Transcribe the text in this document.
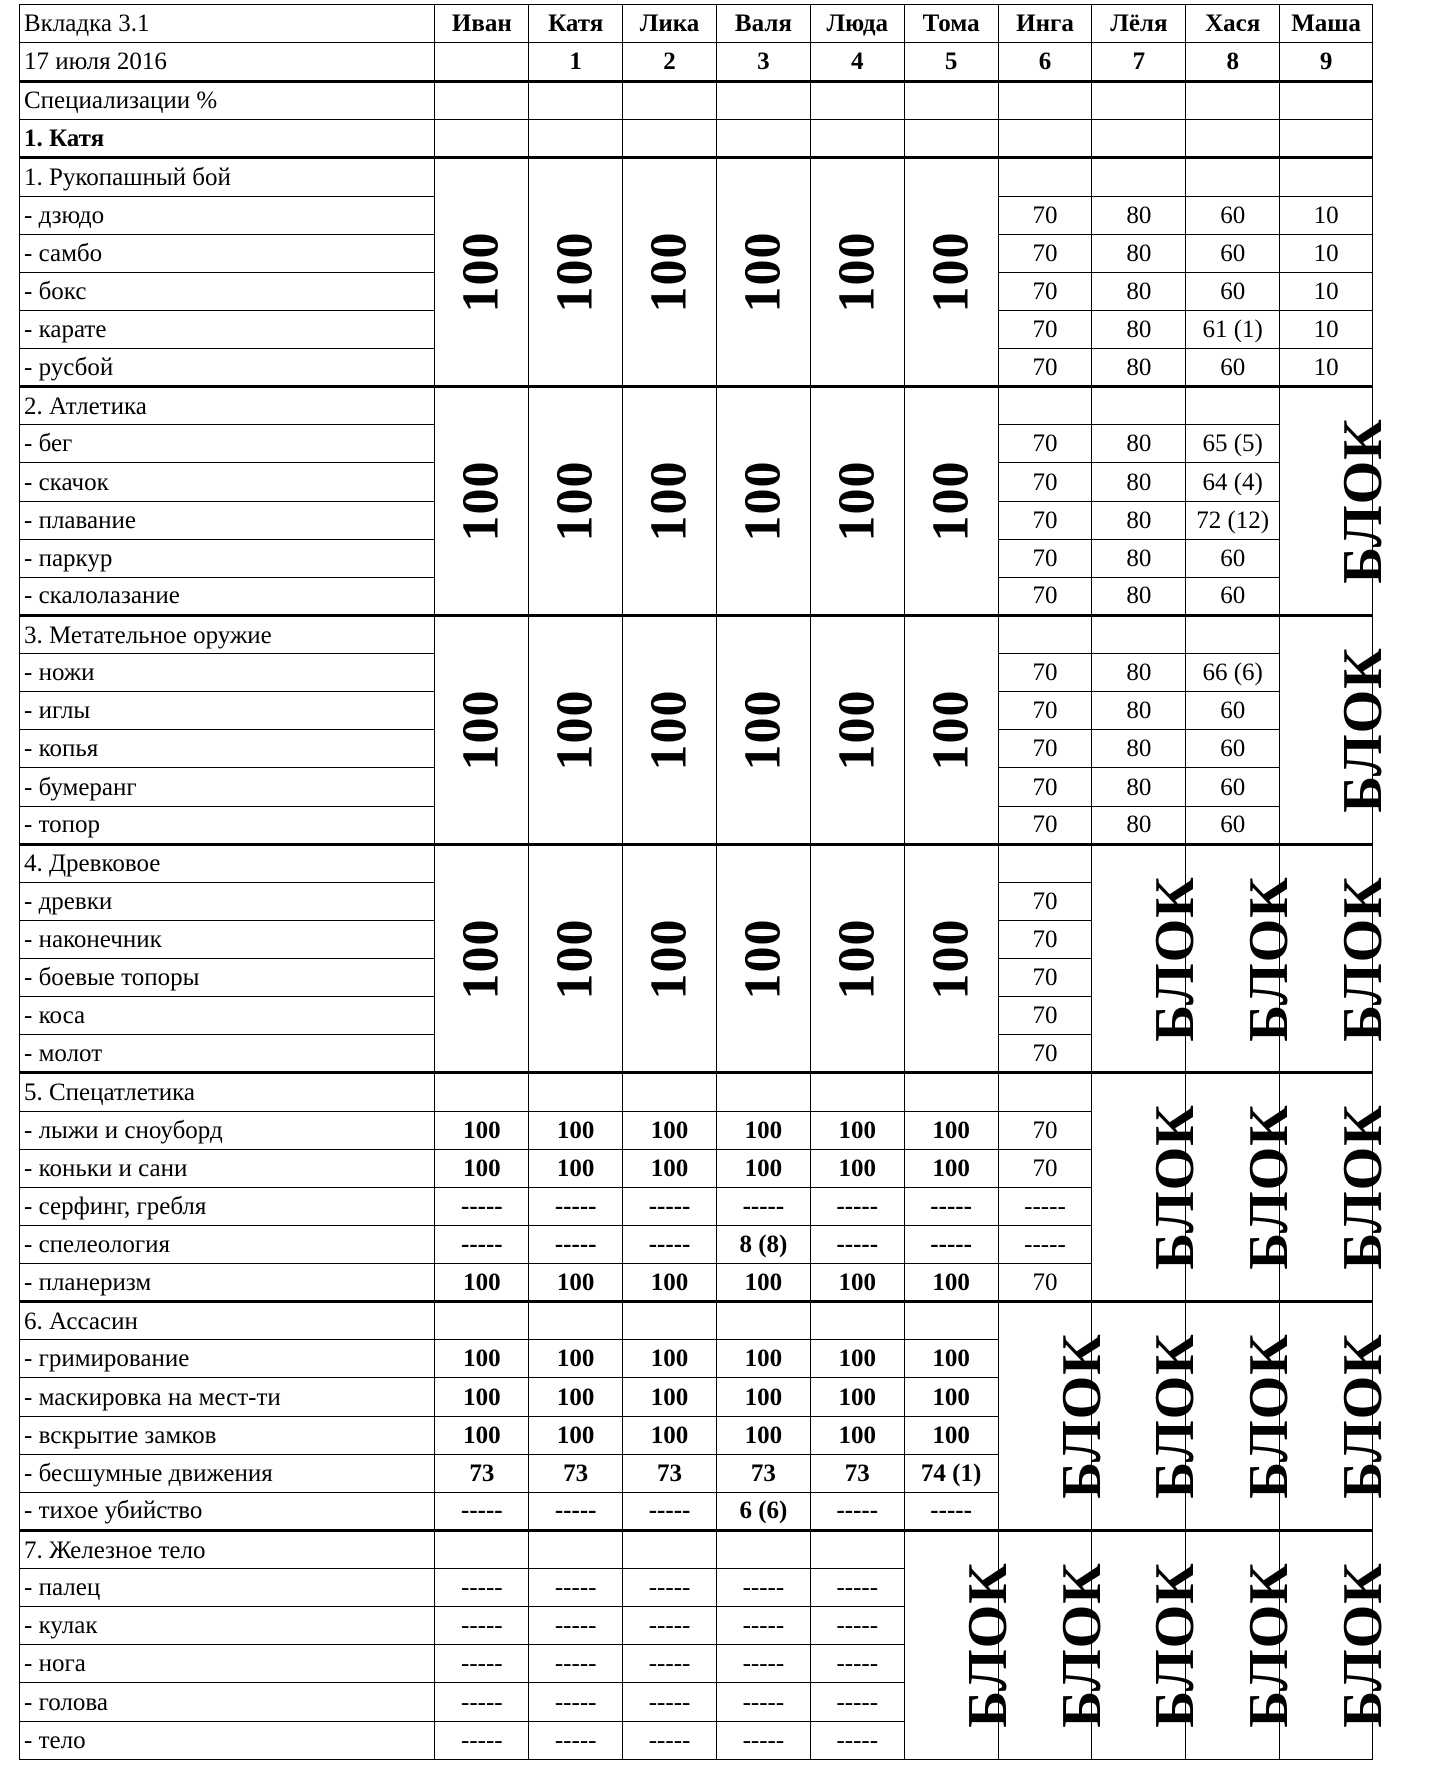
Вкладка 3.1	Иван	Катя	Лика	Валя	Люда	Тома	Инга	Лёля	Хася	Маша
17 июля 2016		1	2	3	4	5	6	7	8	9
Специализации %										
1. Катя										
1. Рукопашный бой	100	100	100	100	100	100				
- дзюдо							70	80	60	10
- самбо							70	80	60	10
- бокс							70	80	60	10
- карате							70	80	61 (1)	10
- русбой							70	80	60	10
2. Атлетика	100	100	100	100	100	100				БЛОК
- бег							70	80	65 (5)	
- скачок							70	80	64 (4)	
- плавание							70	80	72 (12)	
- паркур							70	80	60	
- скалолазание							70	80	60	
3. Метательное оружие	100	100	100	100	100	100				БЛОК
- ножи							70	80	66 (6)	
- иглы							70	80	60	
- копья							70	80	60	
- бумеранг							70	80	60	
- топор							70	80	60	
4. Древковое	100	100	100	100	100	100		БЛОК	БЛОК	БЛОК
- древки							70			
- наконечник							70			
- боевые топоры							70			
- коса							70			
- молот							70			
5. Спецатлетика								БЛОК	БЛОК	БЛОК
- лыжи и сноуборд	100	100	100	100	100	100	70			
- коньки и сани	100	100	100	100	100	100	70			
- серфинг, гребля	-----	-----	-----	-----	-----	-----	-----			
- спелеология	-----	-----	-----	8 (8)	-----	-----	-----			
- планеризм	100	100	100	100	100	100	70			
6. Ассасин							БЛОК	БЛОК	БЛОК	БЛОК
- гримирование	100	100	100	100	100	100				
- маскировка на мест-ти	100	100	100	100	100	100				
- вскрытие замков	100	100	100	100	100	100				
- бесшумные движения	73	73	73	73	73	74 (1)				
- тихое убийство	-----	-----	-----	6 (6)	-----	-----				
7. Железное тело						БЛОК	БЛОК	БЛОК	БЛОК	БЛОК
- палец	-----	-----	-----	-----	-----					
- кулак	-----	-----	-----	-----	-----					
- нога	-----	-----	-----	-----	-----					
- голова	-----	-----	-----	-----	-----					
- тело	-----	-----	-----	-----	-----					
